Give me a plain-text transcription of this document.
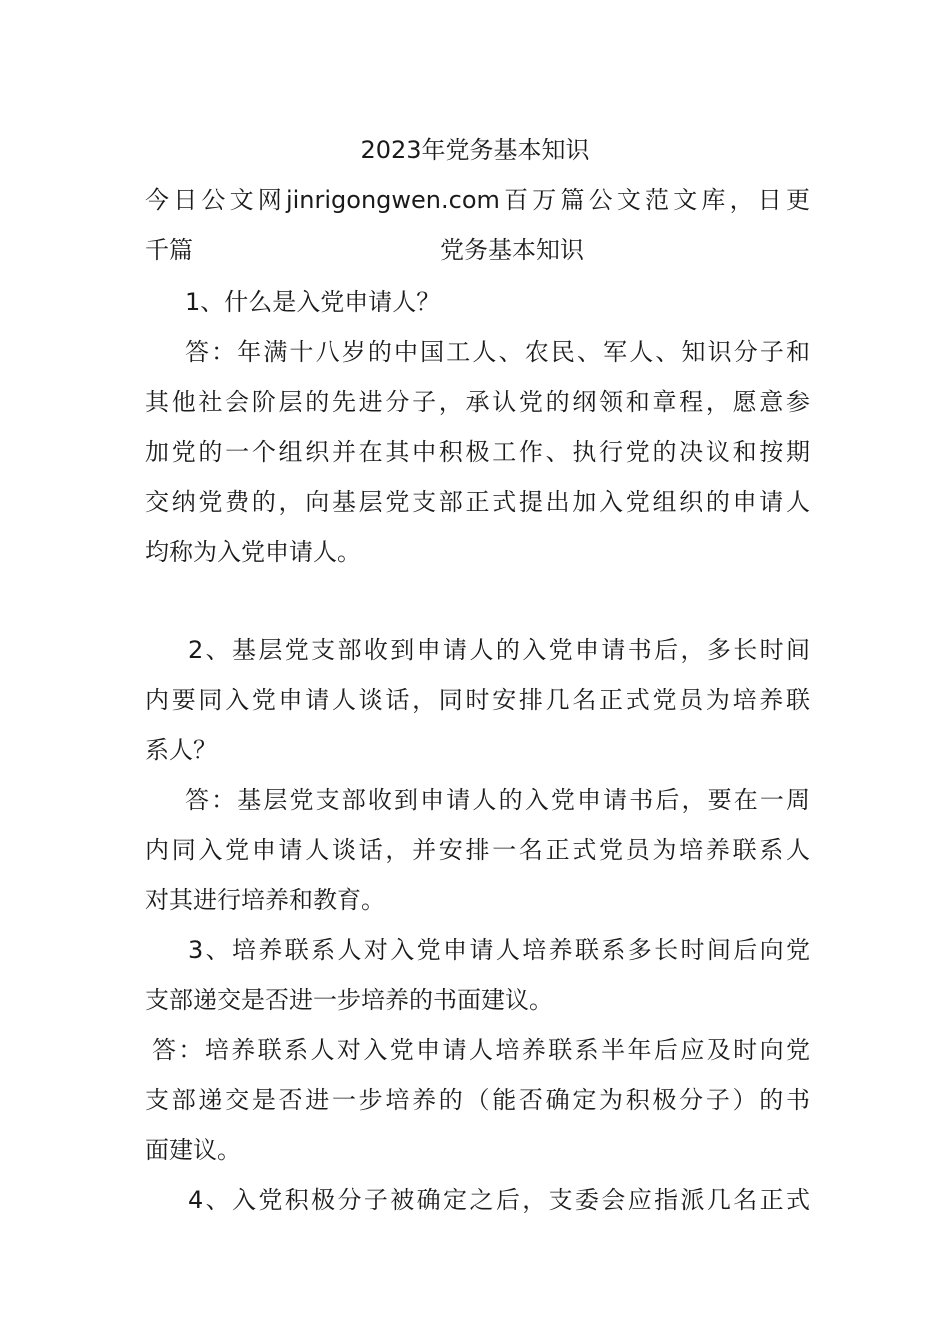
2023年党务基本知识
今日公文网jinrigongwen.com百万篇公文范文库，日更
千篇	党务基本知识
1、什么是入党申请人？
答：年满十八岁的中国工人、农民、军人、知识分子和
其他社会阶层的先进分子，承认党的纲领和章程，愿意参
加党的一个组织并在其中积极工作、执行党的决议和按期
交纳党费的，向基层党支部正式提出加入党组织的申请人
均称为入党申请人。
2、基层党支部收到申请人的入党申请书后，多长时间
内要同入党申请人谈话，同时安排几名正式党员为培养联
系人？
答：基层党支部收到申请人的入党申请书后，要在一周
内同入党申请人谈话，并安排一名正式党员为培养联系人
对其进行培养和教育。
3、培养联系人对入党申请人培养联系多长时间后向党
支部递交是否进一步培养的书面建议。
答：培养联系人对入党申请人培养联系半年后应及时向党
支部递交是否进一步培养的（能否确定为积极分子）的书
面建议。
4、入党积极分子被确定之后，支委会应指派几名正式
